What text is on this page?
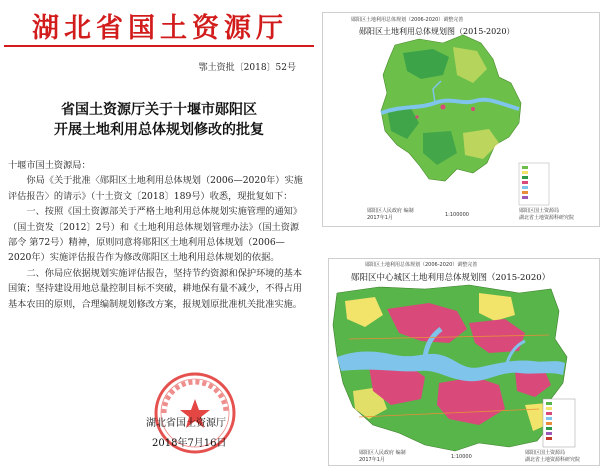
湖北省国土资源厅
鄂土资批〔2018〕52号
省国土资源厅关于十堰市郧阳区
开展土地利用总体规划修改的批复

十堰市国土资源局：

你局《关于批准〈郧阳区土地利用总体规划（2006—2020年）实施评估报告〉的请示》（十土资文〔2018〕189号）收悉，现批复如下：

一、按照《国土资源部关于严格土地利用总体规划实施管理的通知》（国土资发〔2012〕2号）和《土地利用总体规划管理办法》（国土资源部令 第72号）精神，原则同意将郧阳区土地利用总体规划（2006—2020年）实施评估报告作为修改郧阳区土地利用总体规划的依据。

二、你局应依据规划实施评估报告，坚持节约资源和保护环境的基本国策；坚持建设用地总量控制目标不突破，耕地保有量不减少，不得占用基本农田的原则，合理编制规划修改方案，报规划原批准机关批准实施。

湖北省国土资源厅
2018年7月16日
郧阳区土地利用总体规划（2006-2020）调整完善
郧阳区土地利用总体规划图（2015-2020）
郧阳区人民政府 编制
2017年1月	1:100000
郧阳区国土资源局
湖北省土地资源科研究院
郧阳区土地利用总体规划（2006-2020）调整完善
郧阳区中心城区土地利用总体规划图（2015-2020）
郧阳区人民政府 编制
2017年1月	1:10000
郧阳区国土资源局
湖北省土地资源科研究院
